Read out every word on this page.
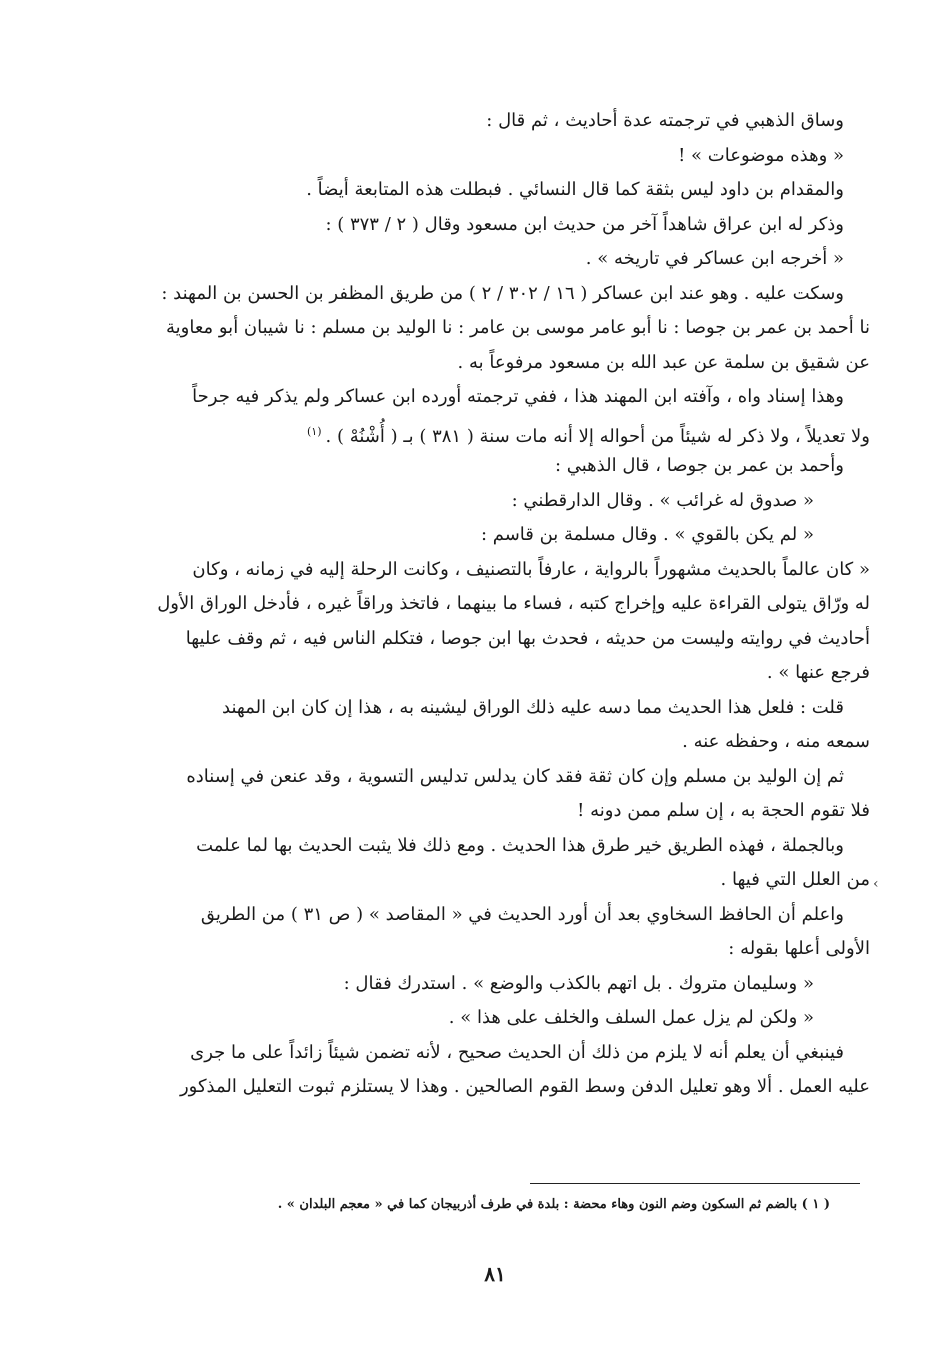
وساق الذهبي في ترجمته عدة أحاديث ، ثم قال :
« وهذه موضوعات » !
والمقدام بن داود ليس بثقة كما قال النسائي . فبطلت هذه المتابعة أيضاً .
وذكر له ابن عراق شاهداً آخر من حديث ابن مسعود وقال ( ٢ / ٣٧٣ ) :
« أخرجه ابن عساكر في تاريخه » .
وسكت عليه . وهو عند ابن عساكر ( ١٦ / ٣٠٢ / ٢ ) من طريق المظفر بن الحسن بن المهند :
نا أحمد بن عمر بن جوصا : نا أبو عامر موسى بن عامر : نا الوليد بن مسلم : نا شيبان أبو معاوية
عن شقيق بن سلمة عن عبد الله بن مسعود مرفوعاً به .
وهذا إسناد واه ، وآفته ابن المهند هذا ، ففي ترجمته أورده ابن عساكر ولم يذكر فيه جرحاً
ولا تعديلاً ، ولا ذكر له شيئاً من أحواله إلا أنه مات سنة ( ٣٨١ ) بـ ( أُشْنُهْ ) .$^{(١)}$
وأحمد بن عمر بن جوصا ، قال الذهبي :
« صدوق له غرائب » . وقال الدارقطني :
« لم يكن بالقوي » . وقال مسلمة بن قاسم :
« كان عالماً بالحديث مشهوراً بالرواية ، عارفاً بالتصنيف ، وكانت الرحلة إليه في زمانه ، وكان
له ورّاق يتولى القراءة عليه وإخراج كتبه ، فساء ما بينهما ، فاتخذ وراقاً غيره ، فأدخل الوراق الأول
أحاديث في روايته وليست من حديثه ، فحدث بها ابن جوصا ، فتكلم الناس فيه ، ثم وقف عليها
فرجع عنها » .
قلت : فلعل هذا الحديث مما دسه عليه ذلك الوراق ليشينه به ، هذا إن كان ابن المهند
سمعه منه ، وحفظه عنه .
ثم إن الوليد بن مسلم وإن كان ثقة فقد كان يدلس تدليس التسوية ، وقد عنعن في إسناده
فلا تقوم الحجة به ، إن سلم ممن دونه !
وبالجملة ، فهذه الطريق خير طرق هذا الحديث . ومع ذلك فلا يثبت الحديث بها لما علمت
من العلل التي فيها .
واعلم أن الحافظ السخاوي بعد أن أورد الحديث في « المقاصد » ( ص ٣١ ) من الطريق
الأولى أعلها بقوله :
« وسليمان متروك . بل اتهم بالكذب والوضع » . استدرك فقال :
« ولكن لم يزل عمل السلف والخلف على هذا » .
فينبغي أن يعلم أنه لا يلزم من ذلك أن الحديث صحيح ، لأنه تضمن شيئاً زائداً على ما جرى
عليه العمل . ألا وهو تعليل الدفن وسط القوم الصالحين . وهذا لا يستلزم ثبوت التعليل المذكور
›
( ١ ) بالضم ثم السكون وضم النون وهاء محضة : بلدة في طرف أذربيجان كما في « معجم البلدان » .
٨١
